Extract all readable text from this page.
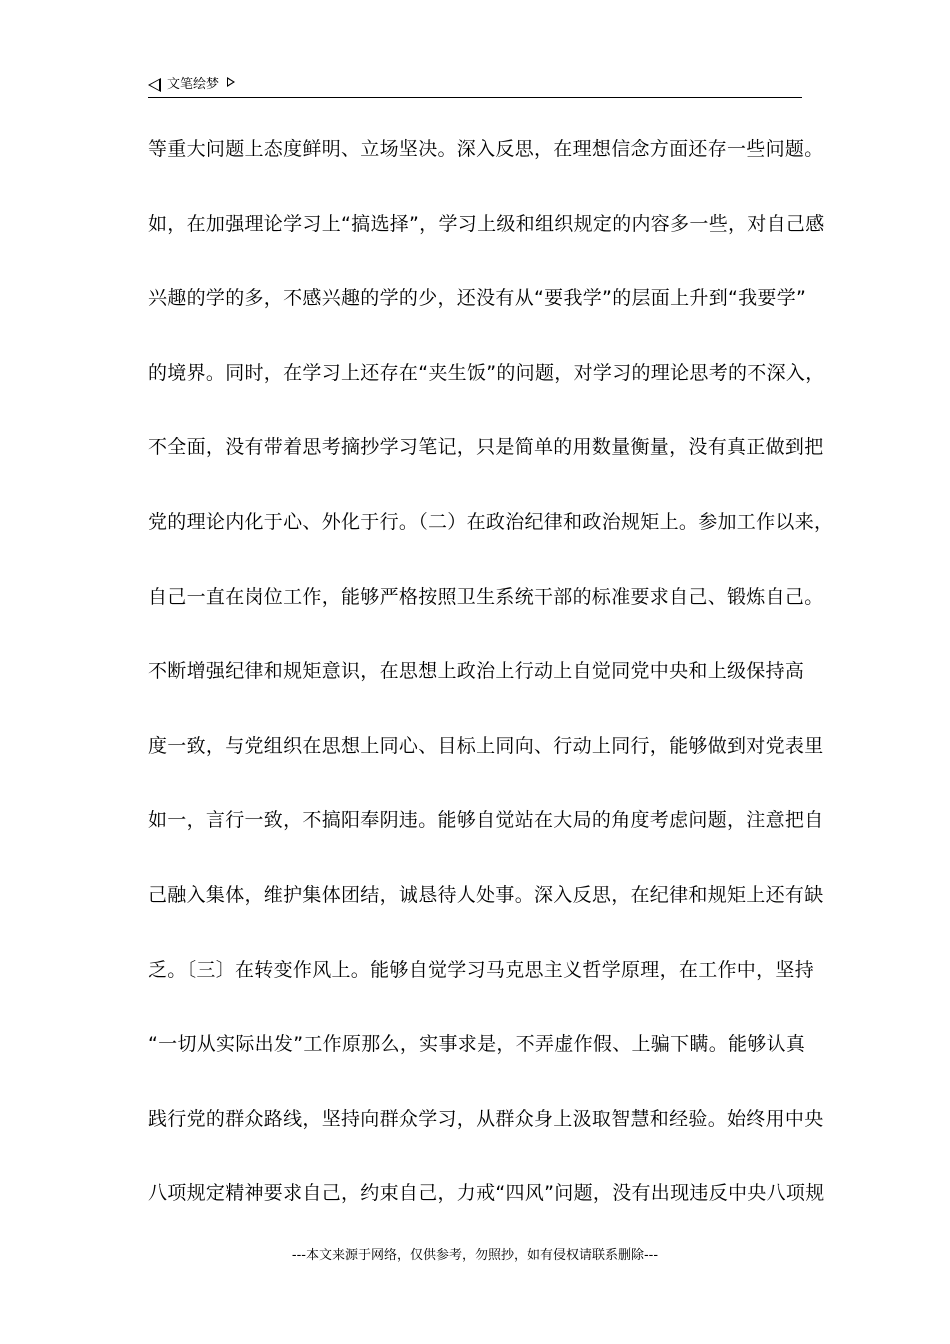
文笔绘梦
等重大问题上态度鲜明、立场坚决。深入反思，在理想信念方面还存一些问题。
如，在加强理论学习上“搞选择”，学习上级和组织规定的内容多一些，对自己感
兴趣的学的多，不感兴趣的学的少，还没有从“要我学”的层面上升到“我要学”
的境界。同时，在学习上还存在“夹生饭”的问题，对学习的理论思考的不深入，
不全面，没有带着思考摘抄学习笔记，只是简单的用数量衡量，没有真正做到把
党的理论内化于心、外化于行。（二）在政治纪律和政治规矩上。参加工作以来，
自己一直在岗位工作，能够严格按照卫生系统干部的标准要求自己、锻炼自己。
不断增强纪律和规矩意识，在思想上政治上行动上自觉同党中央和上级保持高
度一致，与党组织在思想上同心、目标上同向、行动上同行，能够做到对党表里
如一，言行一致，不搞阳奉阴违。能够自觉站在大局的角度考虑问题，注意把自
己融入集体，维护集体团结，诚恳待人处事。深入反思，在纪律和规矩上还有缺
乏。〔三〕在转变作风上。能够自觉学习马克思主义哲学原理，在工作中，坚持
“一切从实际出发”工作原那么，实事求是，不弄虚作假、上骗下瞒。能够认真
践行党的群众路线，坚持向群众学习，从群众身上汲取智慧和经验。始终用中央
八项规定精神要求自己，约束自己，力戒“四风”问题，没有出现违反中央八项规
---本文来源于网络，仅供参考，勿照抄，如有侵权请联系删除---
